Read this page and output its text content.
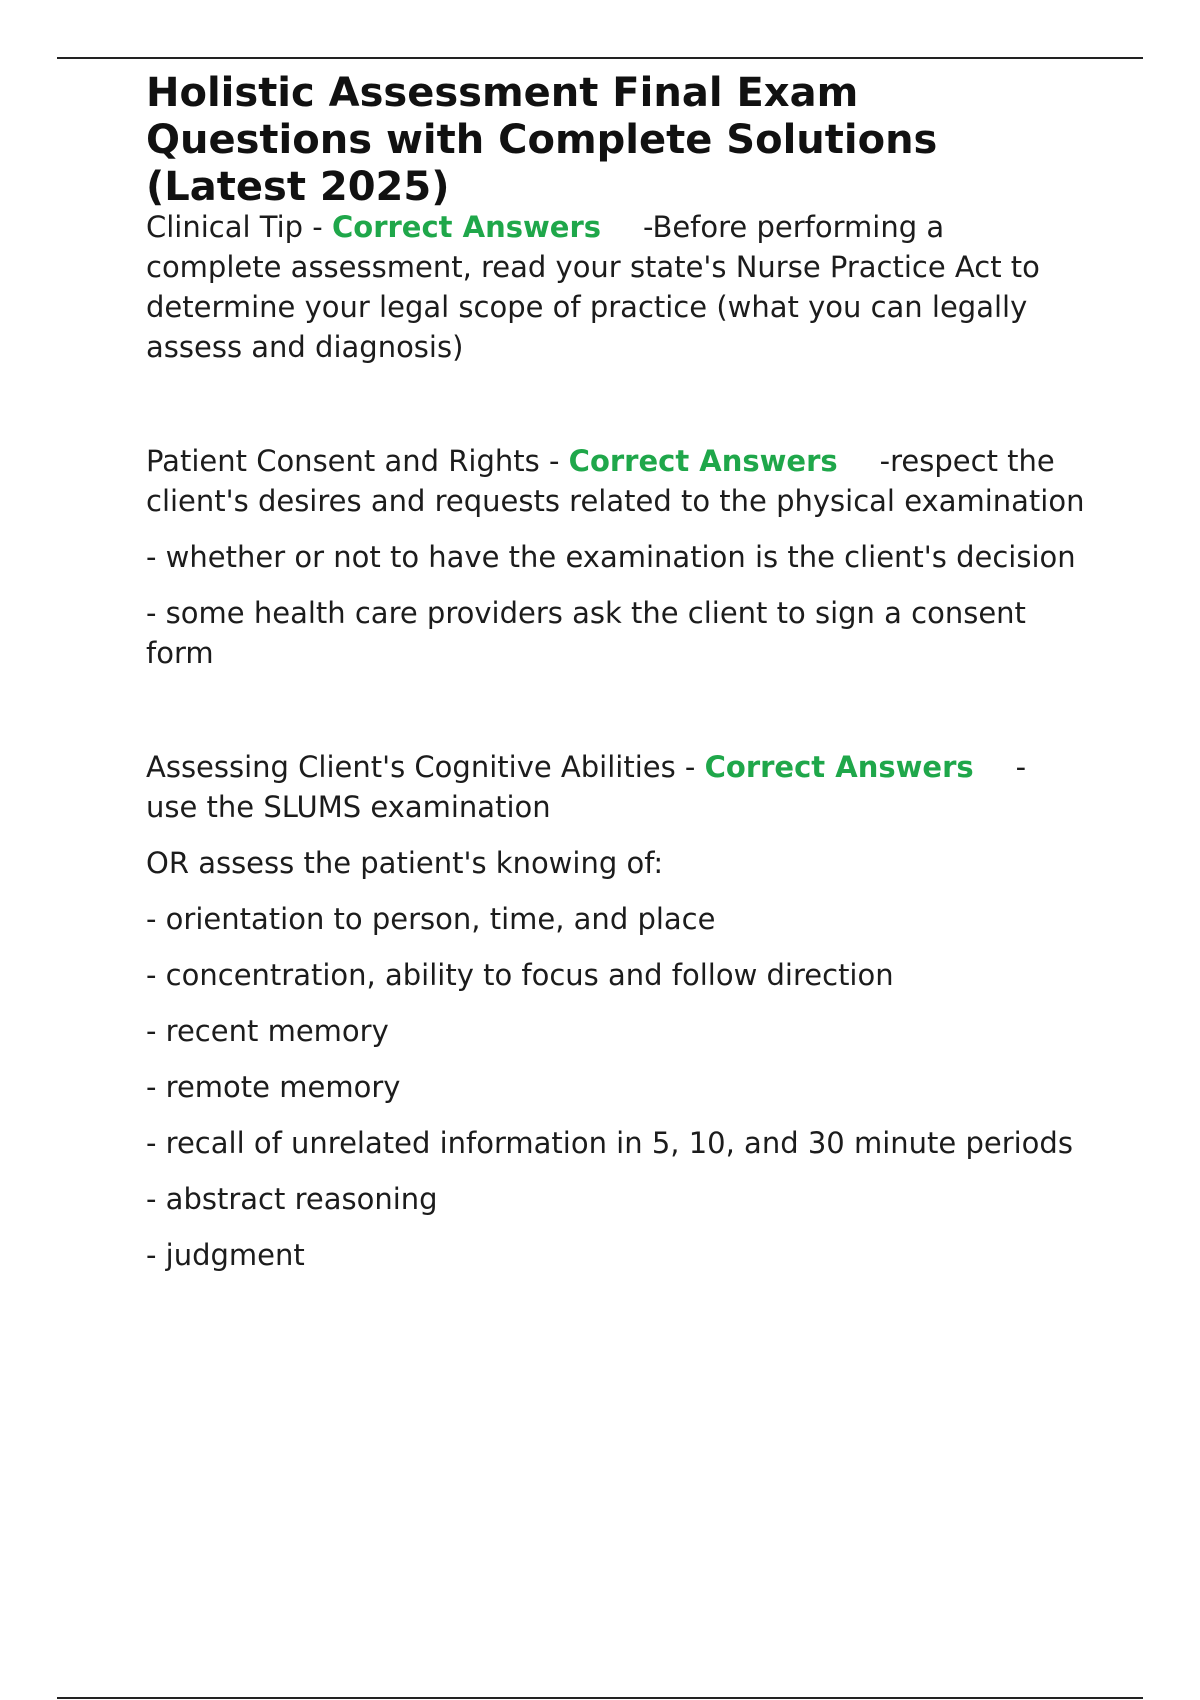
Holistic Assessment Final Exam Questions with Complete Solutions (Latest 2025)

Clinical Tip - Correct Answers -Before performing a complete assessment, read your state's Nurse Practice Act to determine your legal scope of practice (what you can legally assess and diagnosis)

Patient Consent and Rights - Correct Answers -respect the client's desires and requests related to the physical examination

- whether or not to have the examination is the client's decision

- some health care providers ask the client to sign a consent form

Assessing Client's Cognitive Abilities - Correct Answers - use the SLUMS examination

OR assess the patient's knowing of:

- orientation to person, time, and place

- concentration, ability to focus and follow direction

- recent memory

- remote memory

- recall of unrelated information in 5, 10, and 30 minute periods

- abstract reasoning

- judgment
